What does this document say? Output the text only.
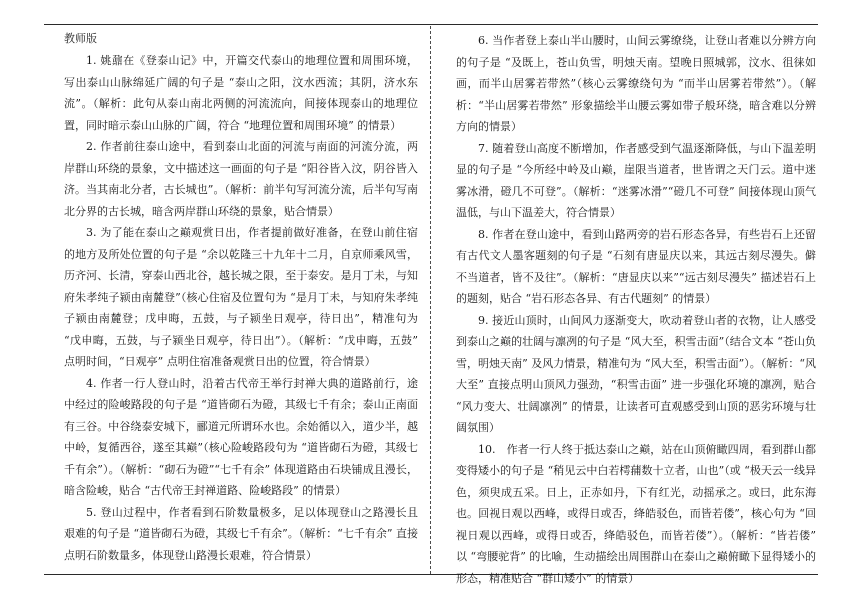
教师版

1. 姚鼐在《登泰山记》中，开篇交代泰山的地理位置和周围环境，写出泰山山脉绵延广阔的句子是 “泰山之阳，汶水西流；其阴，济水东流”。（解析：此句从泰山南北两侧的河流流向，间接体现泰山的地理位置，同时暗示泰山山脉的广阔，符合 “地理位置和周围环境” 的情景）

2. 作者前往泰山途中，看到泰山北面的河流与南面的河流分流，两岸群山环绕的景象，文中描述这一画面的句子是 “阳谷皆入汶，阴谷皆入济。当其南北分者，古长城也”。（解析：前半句写河流分流，后半句写南北分界的古长城，暗含两岸群山环绕的景象，贴合情景）

3. 为了能在泰山之巅观赏日出，作者提前做好准备，在登山前住宿的地方及所处位置的句子是 “余以乾隆三十九年十二月，自京师乘风雪，历齐河、长清，穿泰山西北谷，越长城之限，至于泰安。是月丁未，与知府朱孝纯子颍由南麓登”（核心住宿及位置句为 “是月丁未，与知府朱孝纯子颍由南麓登；戊申晦，五鼓，与子颍坐日观亭，待日出”，精准句为 “戊申晦，五鼓，与子颍坐日观亭，待日出”）。（解析：“戊申晦，五鼓” 点明时间，“日观亭” 点明住宿准备观赏日出的位置，符合情景）

4. 作者一行人登山时，沿着古代帝王举行封禅大典的道路前行，途中经过的险峻路段的句子是 “道皆砌石为磴，其级七千有余；泰山正南面有三谷。中谷绕泰安城下，郦道元所谓环水也。余始循以入，道少半，越中岭，复循西谷，遂至其巅”（核心险峻路段句为 “道皆砌石为磴，其级七千有余”）。（解析：“砌石为磴”“七千有余” 体现道路由石块铺成且漫长，暗含险峻，贴合 “古代帝王封禅道路、险峻路段” 的情景）

5. 登山过程中，作者看到石阶数量极多，足以体现登山之路漫长且艰难的句子是 “道皆砌石为磴，其级七千有余”。（解析：“七千有余” 直接点明石阶数量多，体现登山路漫长艰难，符合情景）

6. 当作者登上泰山半山腰时，山间云雾缭绕，让登山者难以分辨方向的句子是 “及既上，苍山负雪，明烛天南。望晚日照城郭，汶水、徂徕如画，而半山居雾若带然”（核心云雾缭绕句为 “而半山居雾若带然”）。（解析：“半山居雾若带然” 形象描绘半山腰云雾如带子般环绕，暗含难以分辨方向的情景）

7. 随着登山高度不断增加，作者感受到气温逐渐降低，与山下温差明显的句子是 “今所经中岭及山巅，崖限当道者，世皆谓之天门云。道中迷雾冰滑，磴几不可登”。（解析：“迷雾冰滑”“磴几不可登” 间接体现山顶气温低，与山下温差大，符合情景）

8. 作者在登山途中，看到山路两旁的岩石形态各异，有些岩石上还留有古代文人墨客题刻的句子是 “石刻有唐显庆以来，其远古刻尽漫失。僻不当道者，皆不及往”。（解析：“唐显庆以来”“远古刻尽漫失” 描述岩石上的题刻，贴合 “岩石形态各异、有古代题刻” 的情景）

9. 接近山顶时，山间风力逐渐变大，吹动着登山者的衣物，让人感受到泰山之巅的壮阔与凛冽的句子是 “风大至，积雪击面”（结合文本 “苍山负雪，明烛天南” 及风力情景，精准句为 “风大至，积雪击面”）。（解析：“风大至” 直接点明山顶风力强劲，“积雪击面” 进一步强化环境的凛冽，贴合 “风力变大、壮阔凛冽” 的情景，让读者可直观感受到山顶的恶劣环境与壮阔氛围）

10.　作者一行人终于抵达泰山之巅，站在山顶俯瞰四周，看到群山都变得矮小的句子是 “稍见云中白若樗蒱数十立者，山也”（或 “极天云一线异色，须臾成五采。日上，正赤如丹，下有红光，动摇承之。或曰，此东海也。回视日观以西峰，或得日或否，绛皓驳色，而皆若偻”，核心句为 “回视日观以西峰，或得日或否，绛皓驳色，而皆若偻”）。（解析：“皆若偻” 以 “弯腰驼背” 的比喻，生动描绘出周围群山在泰山之巅俯瞰下显得矮小的形态，精准贴合 “群山矮小” 的情景）
